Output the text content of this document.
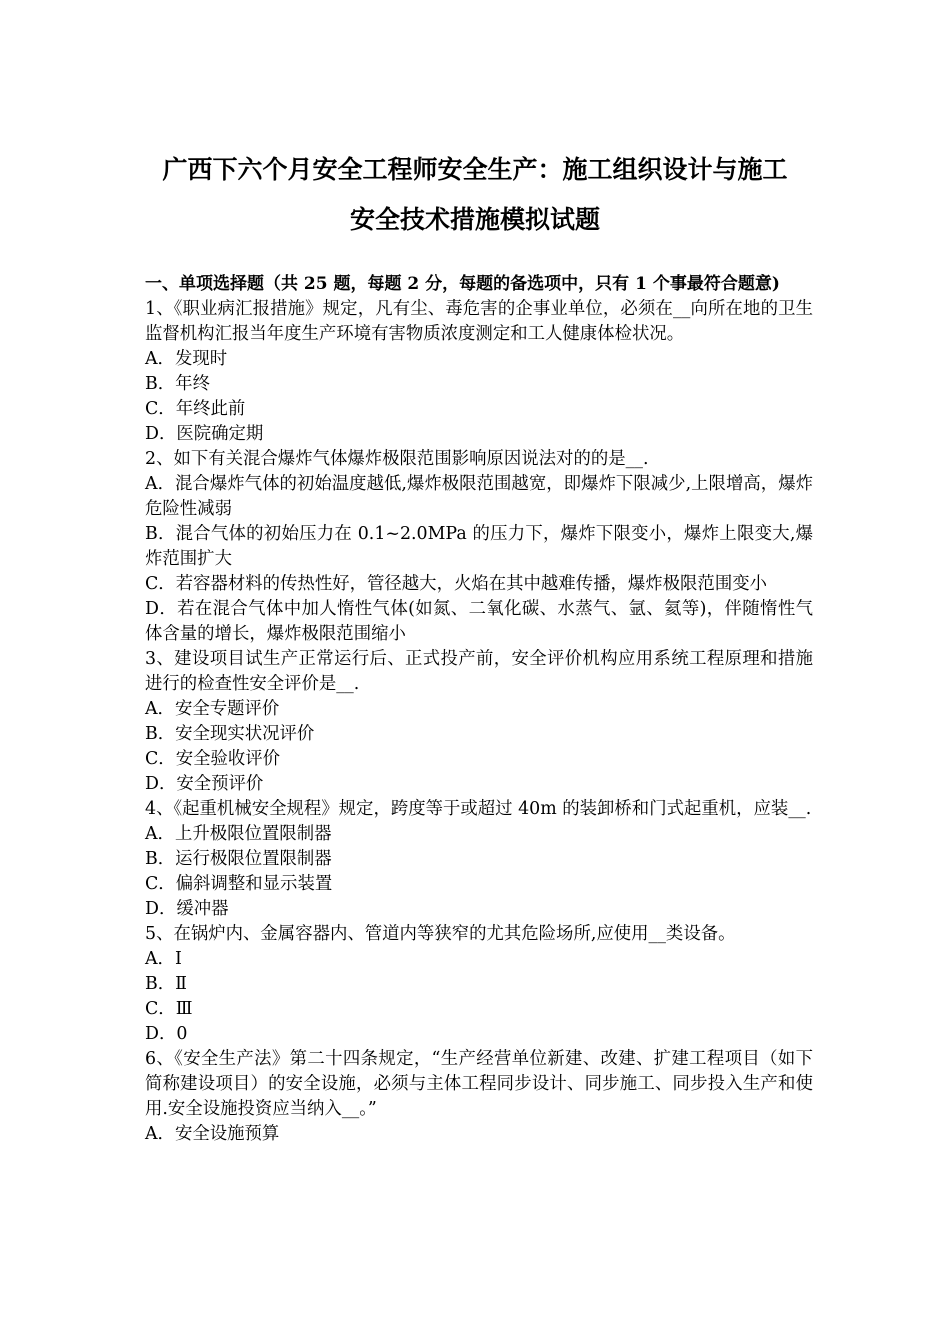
广西下六个月安全工程师安全生产：施工组织设计与施工
安全技术措施模拟试题

一、单项选择题（共 25 题，每题 2 分，每题的备选项中，只有 1 个事最符合题意)

1、《职业病汇报措施》规定，凡有尘、毒危害的企事业单位，必须在__向所在地的卫生监督机构汇报当年度生产环境有害物质浓度测定和工人健康体检状况。

A．发现时

B．年终

C．年终此前

D．医院确定期

2、如下有关混合爆炸气体爆炸极限范围影响原因说法对的的是__.

A．混合爆炸气体的初始温度越低,爆炸极限范围越宽，即爆炸下限减少,上限增高，爆炸危险性减弱

B．混合气体的初始压力在 0.1~2.0MPa 的压力下，爆炸下限变小，爆炸上限变大,爆炸范围扩大

C．若容器材料的传热性好，管径越大，火焰在其中越难传播，爆炸极限范围变小

D．若在混合气体中加人惰性气体(如氮、二氧化碳、水蒸气、氩、氦等)，伴随惰性气体含量的增长，爆炸极限范围缩小

3、建设项目试生产正常运行后、正式投产前，安全评价机构应用系统工程原理和措施进行的检查性安全评价是__.

A．安全专题评价

B．安全现实状况评价

C．安全验收评价

D．安全预评价

4、《起重机械安全规程》规定，跨度等于或超过 40m 的装卸桥和门式起重机，应装__.

A．上升极限位置限制器

B．运行极限位置限制器

C．偏斜调整和显示装置

D．缓冲器

5、在锅炉内、金属容器内、管道内等狭窄的尤其危险场所,应使用__类设备。

A．Ⅰ

B．Ⅱ

C．Ⅲ

D．0

6、《安全生产法》第二十四条规定，“生产经营单位新建、改建、扩建工程项目（如下简称建设项目）的安全设施，必须与主体工程同步设计、同步施工、同步投入生产和使用.安全设施投资应当纳入__。”

A．安全设施预算
